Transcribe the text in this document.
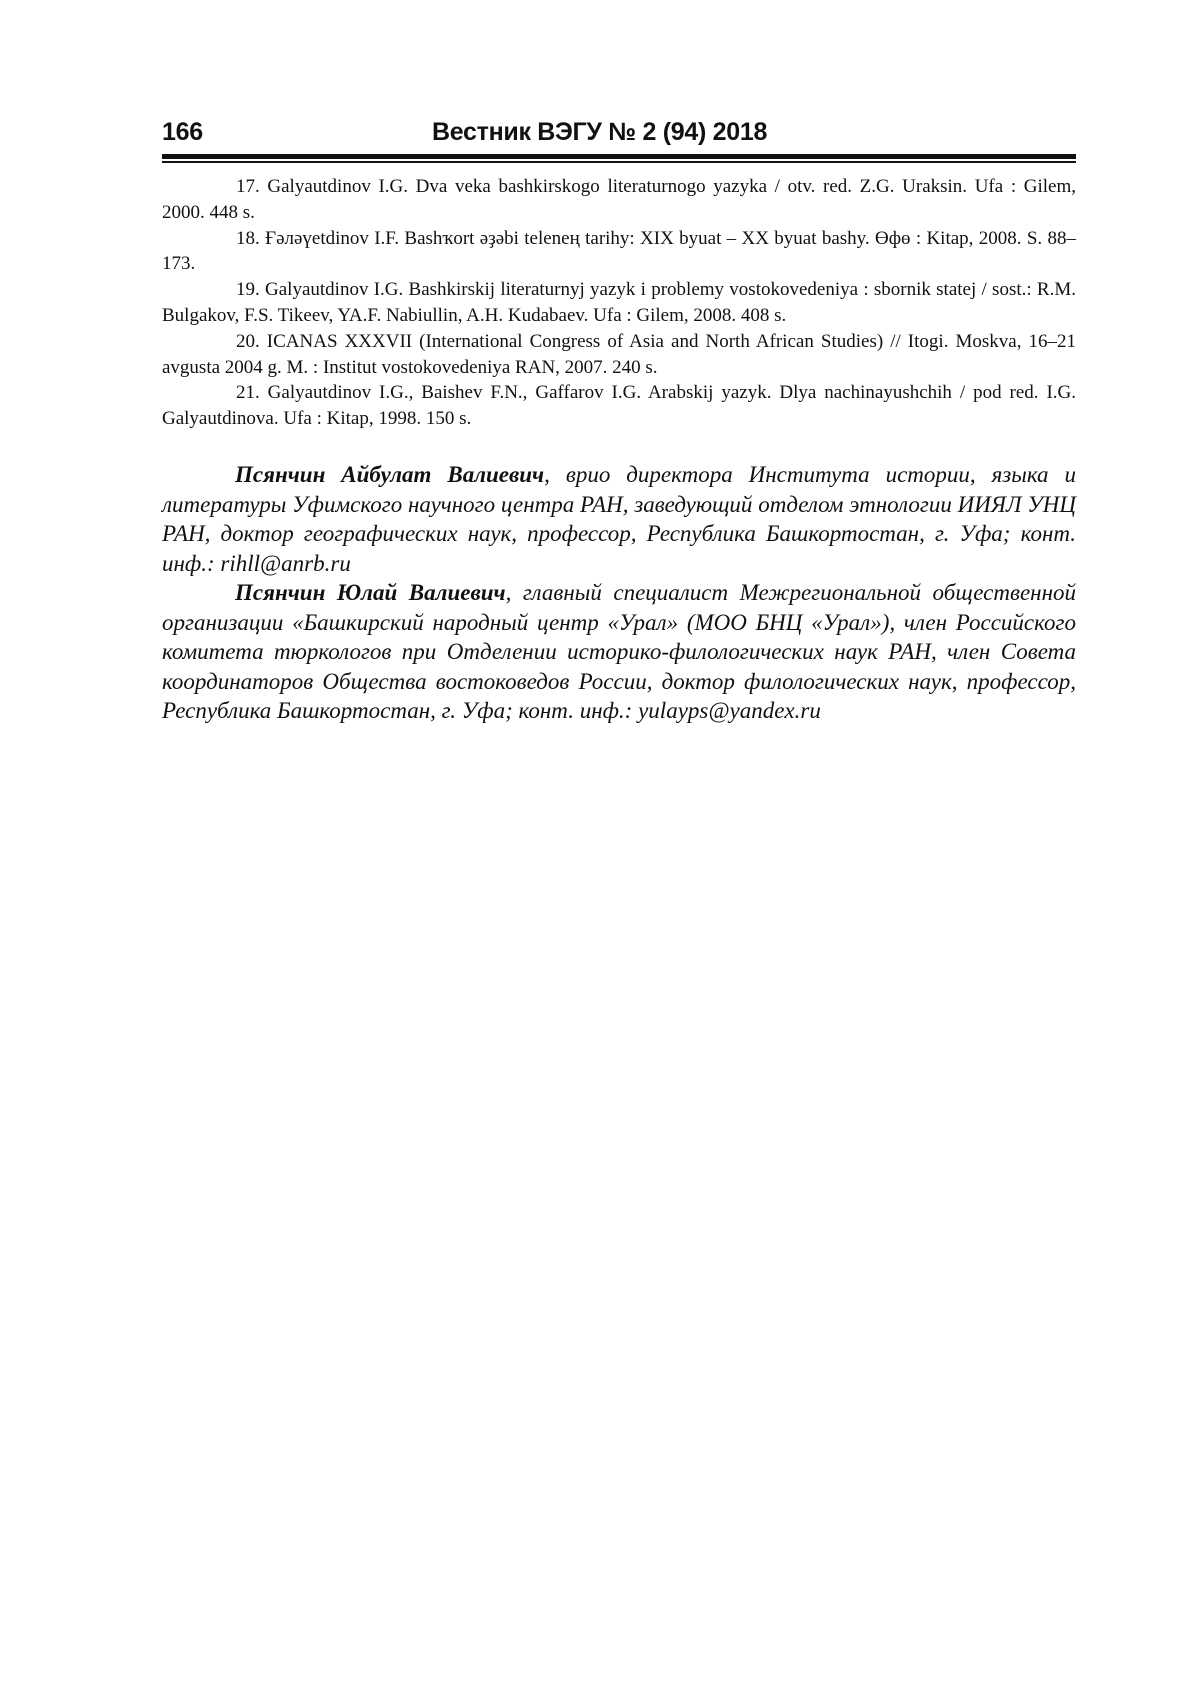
166	Вестник ВЭГУ № 2 (94) 2018

17. Galyautdinov I.G. Dva veka bashkirskogo literaturnogo yazyka / otv. red. Z.G. Uraksin. Ufa : Gilem, 2000. 448 s.

18. Ғәләүetdinov I.F. Bashҡort әҙәbi telenең tarihy: XIX byuat – XX byuat bashy. Өфө : Kitap, 2008. S. 88–173.

19. Galyautdinov I.G. Bashkirskij literaturnyj yazyk i problemy vostokovedeniya : sbornik statej / sost.: R.M. Bulgakov, F.S. Tikeev, YA.F. Nabiullin, A.H. Kudabaev. Ufa : Gilem, 2008. 408 s.

20. ICANAS XXXVII (International Congress of Asia and North African Studies) // Itogi. Moskva, 16–21 avgusta 2004 g. M. : Institut vostokovedeniya RAN, 2007. 240 s.

21. Galyautdinov I.G., Baishev F.N., Gaffarov I.G. Arabskij yazyk. Dlya nachinayushchih / pod red. I.G. Galyautdinova. Ufa : Kitap, 1998. 150 s.

Псянчин Айбулат Валиевич, врио директора Института истории, языка и литературы Уфимского научного центра РАН, заведующий отделом этнологии ИИЯЛ УНЦ РАН, доктор географических наук, профессор, Республика Башкортостан, г. Уфа; конт. инф.: rihll@anrb.ru

Псянчин Юлай Валиевич, главный специалист Межрегиональной общественной организации «Башкирский народный центр «Урал» (МОО БНЦ «Урал»), член Российского комитета тюркологов при Отделении историко-филологических наук РАН, член Совета координаторов Общества востоковедов России, доктор филологических наук, профессор, Республика Башкортостан, г. Уфа; конт. инф.: yulayps@yandex.ru
